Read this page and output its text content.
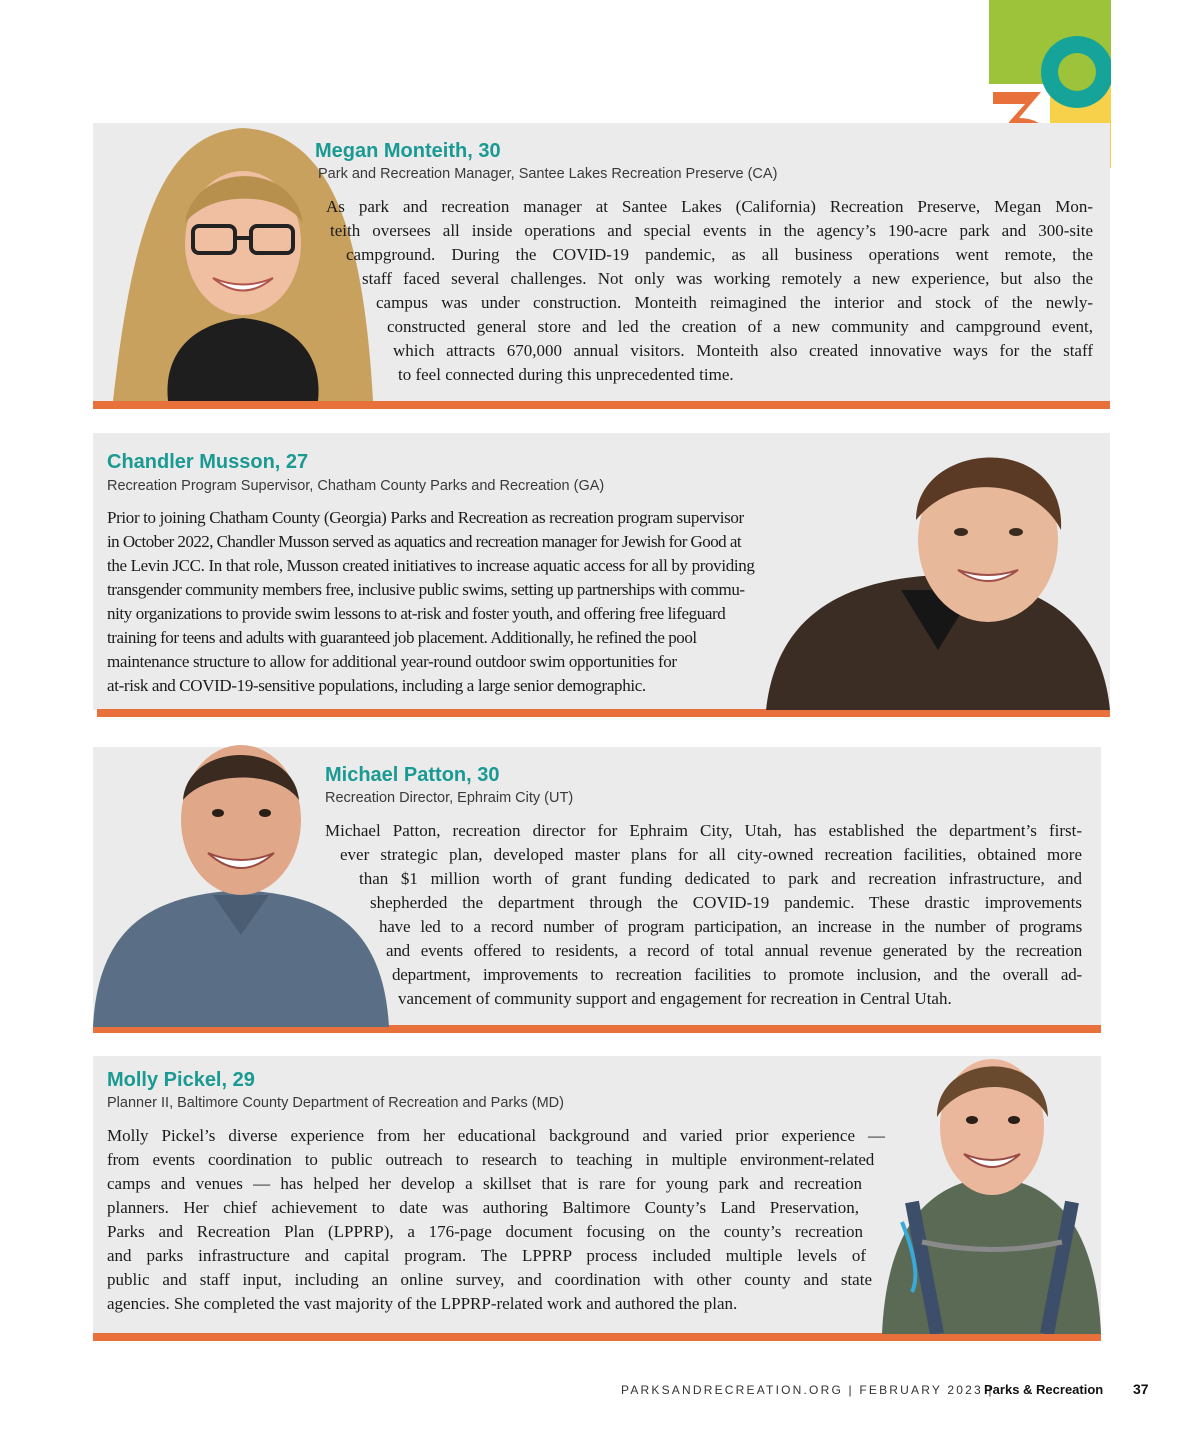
Megan Monteith, 30
Park and Recreation Manager, Santee Lakes Recreation Preserve (CA)
As park and recreation manager at Santee Lakes (California) Recreation Preserve, Megan Mon-
teith oversees all inside operations and special events in the agency’s 190-acre park and 300-site
campground. During the COVID-19 pandemic, as all business operations went remote, the
staff faced several challenges. Not only was working remotely a new experience, but also the
campus was under construction. Monteith reimagined the interior and stock of the newly-
constructed general store and led the creation of a new community and campground event,
which attracts 670,000 annual visitors. Monteith also created innovative ways for the staff
to feel connected during this unprecedented time.
Chandler Musson, 27
Recreation Program Supervisor, Chatham County Parks and Recreation (GA)
Prior to joining Chatham County (Georgia) Parks and Recreation as recreation program supervisor
in October 2022, Chandler Musson served as aquatics and recreation manager for Jewish for Good at
the Levin JCC. In that role, Musson created initiatives to increase aquatic access for all by providing
transgender community members free, inclusive public swims, setting up partnerships with commu-
nity organizations to provide swim lessons to at-risk and foster youth, and offering free lifeguard
training for teens and adults with guaranteed job placement. Additionally, he refined the pool
maintenance structure to allow for additional year-round outdoor swim opportunities for
at-risk and COVID-19-sensitive populations, including a large senior demographic.
Michael Patton, 30
Recreation Director, Ephraim City (UT)
Michael Patton, recreation director for Ephraim City, Utah, has established the department’s first-
ever strategic plan, developed master plans for all city-owned recreation facilities, obtained more
than $1 million worth of grant funding dedicated to park and recreation infrastructure, and
shepherded the department through the COVID-19 pandemic. These drastic improvements
have led to a record number of program participation, an increase in the number of programs
and events offered to residents, a record of total annual revenue generated by the recreation
department, improvements to recreation facilities to promote inclusion, and the overall ad-
vancement of community support and engagement for recreation in Central Utah.
Molly Pickel, 29
Planner II, Baltimore County Department of Recreation and Parks (MD)
Molly Pickel’s diverse experience from her educational background and varied prior experience —
from events coordination to public outreach to research to teaching in multiple environment-related
camps and venues — has helped her develop a skillset that is rare for young park and recreation
planners. Her chief achievement to date was authoring Baltimore County’s Land Preservation,
Parks and Recreation Plan (LPPRP), a 176-page document focusing on the county’s recreation
and parks infrastructure and capital program. The LPPRP process included multiple levels of
public and staff input, including an online survey, and coordination with other county and state
agencies. She completed the vast majority of the LPPRP-related work and authored the plan.
PARKSANDRECREATION.ORG | FEBRUARY 2023 |
Parks & Recreation 37
